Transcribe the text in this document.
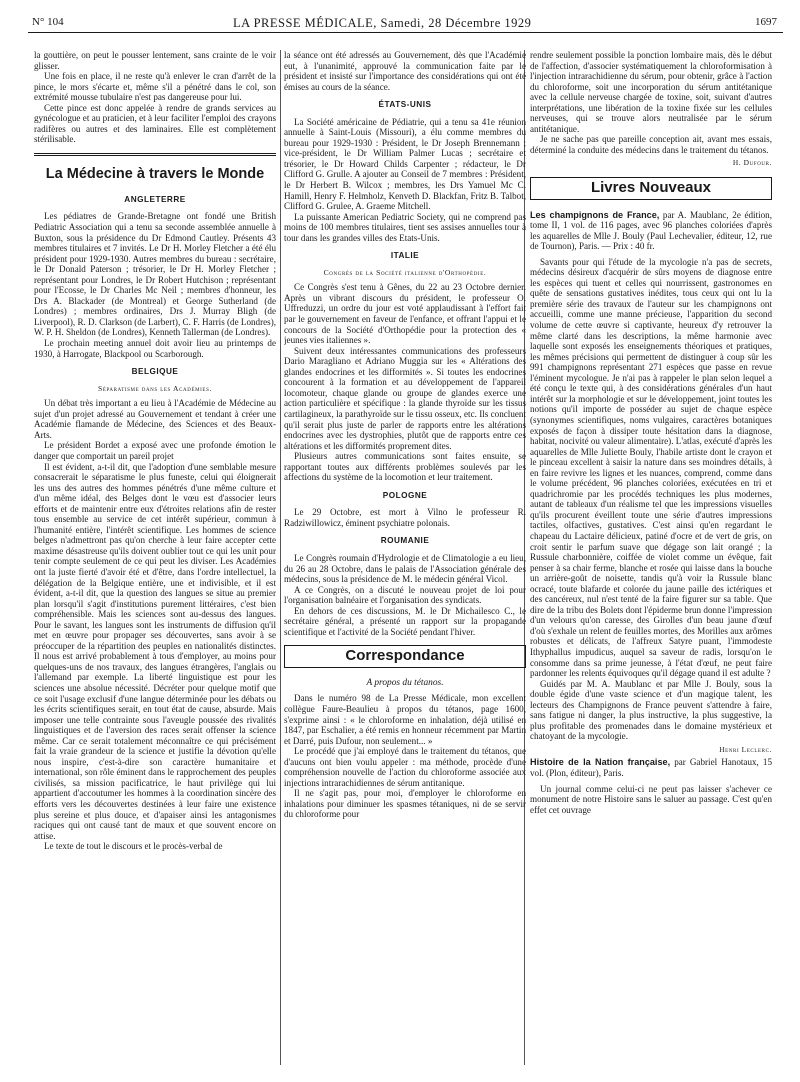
N° 104	LA PRESSE MÉDICALE, Samedi, 28 Décembre 1929	1697

la gouttière, on peut le pousser lentement, sans crainte de le voir glisser.

Une fois en place, il ne reste qu'à enlever le cran d'arrêt de la pince, le mors s'écarte et, même s'il a pénétré dans le col, son extrémité mousse tubulaire n'est pas dangereuse pour lui.

Cette pince est donc appelée à rendre de grands services au gynécologue et au praticien, et à leur faciliter l'emploi des crayons radifères ou autres et des laminaires. Elle est complètement stérilisable.

La Médecine à travers le Monde
ANGLETERRE

Les pédiatres de Grande-Bretagne ont fondé une British Pediatric Association qui a tenu sa seconde assemblée annuelle à Buxton, sous la présidence du Dr Edmond Cautley. Présents 43 membres titulaires et 7 invités. Le Dr H. Morley Fletcher a été élu président pour 1929-1930. Autres membres du bureau : secrétaire, le Dr Donald Paterson ; trésorier, le Dr H. Morley Fletcher ; représentant pour Londres, le Dr Robert Hutchison ; représentant pour l'Ecosse, le Dr Charles Mc Neil ; membres d'honneur, les Drs A. Blackader (de Montreal) et George Sutherland (de Londres) ; membres ordinaires, Drs J. Murray Bligh (de Liverpool), R. D. Clarkson (de Larbert), C. F. Harris (de Londres), W. P. H. Sheldon (de Londres), Kenneth Tallerman (de Londres).

Le prochain meeting annuel doit avoir lieu au printemps de 1930, à Harrogate, Blackpool ou Scarborough.

BELGIQUE
Séparatisme dans les Académies.

Un débat très important a eu lieu à l'Académie de Médecine au sujet d'un projet adressé au Gouvernement et tendant à créer une Académie flamande de Médecine, des Sciences et des Beaux-Arts.

Le président Bordet a exposé avec une profonde émotion le danger que comportait un pareil projet

Il est évident, a-t-il dit, que l'adoption d'une semblable mesure consacrerait le séparatisme le plus funeste, celui qui éloignerait les uns des autres des hommes pénétrés d'une même culture et d'un même idéal, des Belges dont le vœu est d'associer leurs efforts et de maintenir entre eux d'étroites relations afin de rester tous ensemble au service de cet intérêt supérieur, commun à l'humanité entière, l'intérêt scientifique. Les hommes de science belges n'admettront pas qu'on cherche à leur faire accepter cette maxime désastreuse qu'ils doivent oublier tout ce qui les unit pour tenir compte seulement de ce qui peut les diviser. Les Académies ont la juste fierté d'avoir été et d'être, dans l'ordre intellectuel, la délégation de la Belgique entière, une et indivisible, et il est évident, a-t-il dit, que la question des langues se situe au premier plan lorsqu'il s'agit d'institutions purement littéraires, c'est bien compréhensible. Mais les sciences sont au-dessus des langues. Pour le savant, les langues sont les instruments de diffusion qu'il met en œuvre pour propager ses découvertes, sans avoir à se préoccuper de la répartition des peuples en nationalités distinctes. Il nous est arrivé probablement à tous d'employer, au moins pour quelques-uns de nos travaux, des langues étrangères, l'anglais ou l'allemand par exemple. La liberté linguistique est pour les sciences une absolue nécessité. Décréter pour quelque motif que ce soit l'usage exclusif d'une langue déterminée pour les débats ou les écrits scientifiques serait, en tout état de cause, absurde. Mais imposer une telle contrainte sous l'aveugle poussée des rivalités linguistiques et de l'aversion des races serait offenser la science même. Car ce serait totalement méconnaître ce qui précisément fait la vraie grandeur de la science et justifie la dévotion qu'elle nous inspire, c'est-à-dire son caractère humanitaire et international, son rôle éminent dans le rapprochement des peuples civilisés, sa mission pacificatrice, le haut privilège qui lui appartient d'accoutumer les hommes à la coordination sincère des efforts vers les découvertes destinées à leur faire une existence plus sereine et plus douce, et d'apaiser ainsi les antagonismes raciques qui ont causé tant de maux et que souvent encore on attise.

Le texte de tout le discours et le procès-verbal de

la séance ont été adressés au Gouvernement, dès que l'Académie eut, à l'unanimité, approuvé la communication faite par le président et insisté sur l'importance des considérations qui ont été émises au cours de la séance.

ÉTATS-UNIS

La Société américaine de Pédiatrie, qui a tenu sa 41e réunion annuelle à Saint-Louis (Missouri), a élu comme membres du bureau pour 1929-1930 : Président, le Dr Joseph Brennemann ; vice-président, le Dr William Palmer Lucas ; secrétaire et trésorier, le Dr Howard Childs Carpenter ; rédacteur, le Dr Clifford G. Grulle. A ajouter au Conseil de 7 membres : Président, le Dr Herbert B. Wilcox ; membres, les Drs Yamuel Mc C. Hamill, Henry F. Helmholz, Kenveth D. Blackfan, Fritz B. Talbot, Clifford G. Grulee, A. Graeme Mitchell.

La puissante American Pediatric Society, qui ne comprend pas moins de 100 membres titulaires, tient ses assises annuelles tour à tour dans les grandes villes des Etats-Unis.

ITALIE
Congrès de la Société italienne d'Orthopédie.

Ce Congrès s'est tenu à Gênes, du 22 au 23 Octobre dernier. Après un vibrant discours du président, le professeur O. Uffreduzzi, un ordre du jour est voté applaudissant à l'effort fait par le gouvernement en faveur de l'enfance, et offrant l'appui et le concours de la Société d'Orthopédie pour la protection des « jeunes vies italiennes ».

Suivent deux intéressantes communications des professeurs Dario Maragliano et Adriano Muggia sur les « Altérations des glandes endocrines et les difformités ». Si toutes les endocrines concourent à la formation et au développement de l'appareil locomoteur, chaque glande ou groupe de glandes exerce une action particulière et spécifique : la glande thyroïde sur les tissus cartilagineux, la parathyroïde sur le tissu osseux, etc. Ils concluent qu'il serait plus juste de parler de rapports entre les altérations endocrines avec les dystrophies, plutôt que de rapports entre ces altérations et les difformités proprement dites.

Plusieurs autres communications sont faites ensuite, se rapportant toutes aux différents problèmes soulevés par les affections du système de la locomotion et leur traitement.

POLOGNE

Le 29 Octobre, est mort à Vilno le professeur R. Radziwillowicz, éminent psychiatre polonais.

ROUMANIE

Le Congrès roumain d'Hydrologie et de Climatologie a eu lieu, du 26 au 28 Octobre, dans le palais de l'Association générale des médecins, sous la présidence de M. le médecin général Vicol.

A ce Congrès, on a discuté le nouveau projet de loi pour l'organisation balnéaire et l'organisation des syndicats.

En dehors de ces discussions, M. le Dr Michailesco C., le secrétaire général, a présenté un rapport sur la propagande scientifique et l'activité de la Société pendant l'hiver.

Correspondance
A propos du tétanos.

Dans le numéro 98 de La Presse Médicale, mon excellent collègue Faure-Beaulieu à propos du tétanos, page 1600, s'exprime ainsi : « le chloroforme en inhalation, déjà utilisé en 1847, par Eschalier, a été remis en honneur récemment par Martin et Darré, puis Dufour, non seulement... »

Le procédé que j'ai employé dans le traitement du tétanos, que d'aucuns ont bien voulu appeler : ma méthode, procède d'une compréhension nouvelle de l'action du chloroforme associée aux injections intrarachidiennes de sérum antitanique.

Il ne s'agit pas, pour moi, d'employer le chloroforme en inhalations pour diminuer les spasmes tétaniques, ni de se servir du chloroforme pour

rendre seulement possible la ponction lombaire mais, dès le début de l'affection, d'associer systématiquement la chloroformisation à l'injection intrarachidienne du sérum, pour obtenir, grâce à l'action du chloroforme, soit une incorporation du sérum antitétanique avec la cellule nerveuse chargée de toxine, soit, suivant d'autres interprétations, une libération de la toxine fixée sur les cellules nerveuses, qui se trouve alors neutralisée par le sérum antitétanique.

Je ne sache pas que pareille conception ait, avant mes essais, déterminé la conduite des médecins dans le traitement du tétanos.

H. Dufour.
Livres Nouveaux

Les champignons de France, par A. Maublanc, 2e édition, tome II, 1 vol. de 116 pages, avec 96 planches coloriées d'après les aquarelles de Mlle J. Bouly (Paul Lechevalier, éditeur, 12, rue de Tournon), Paris. — Prix : 40 fr.

Savants pour qui l'étude de la mycologie n'a pas de secrets, médecins désireux d'acquérir de sûrs moyens de diagnose entre les espèces qui tuent et celles qui nourrissent, gastronomes en quête de sensations gustatives inédites, tous ceux qui ont lu la première série des travaux de l'auteur sur les champignons ont accueilli, comme une manne précieuse, l'apparition du second volume de cette œuvre si captivante, heureux d'y retrouver la même clarté dans les descriptions, la même harmonie avec laquelle sont exposés les enseignements théoriques et pratiques, les mêmes précisions qui permettent de distinguer à coup sûr les 991 champignons représentant 271 espèces que passe en revue l'éminent mycologue. Je n'ai pas à rappeler le plan selon lequel a été conçu le texte qui, à des considérations générales d'un haut intérêt sur la morphologie et sur le développement, joint toutes les notions qu'il importe de posséder au sujet de chaque espèce (synonymes scientifiques, noms vulgaires, caractères botaniques exposés de façon à dissiper toute hésitation dans la diagnose, habitat, nocivité ou valeur alimentaire). L'atlas, exécuté d'après les aquarelles de Mlle Juliette Bouly, l'habile artiste dont le crayon et le pinceau excellent à saisir la nature dans ses moindres détails, à en faire revivre les lignes et les nuances, comprend, comme dans le volume précédent, 96 planches coloriées, exécutées en tri et quadrichromie par les procédés techniques les plus modernes, autant de tableaux d'un réalisme tel que les impressions visuelles qu'ils procurent éveillent toute une série d'autres impressions tactiles, olfactives, gustatives. C'est ainsi qu'en regardant le chapeau du Lactaire délicieux, patiné d'ocre et de vert de gris, on croit sentir le parfum suave que dégage son lait orangé ; la Russule charbonnière, coiffée de violet comme un évêque, fait penser à sa chair ferme, blanche et rosée qui laisse dans la bouche un arrière-goût de noisette, tandis qu'à voir la Russule blanc ocracé, toute blafarde et colorée du jaune paille des ictériques et des cancéreux, nul n'est tenté de la faire figurer sur sa table. Que dire de la tribu des Bolets dont l'épiderme brun donne l'impression d'un velours qu'on caresse, des Girolles d'un beau jaune d'œuf d'où s'exhale un relent de feuilles mortes, des Morilles aux arômes robustes et délicats, de l'affreux Satyre puant, l'immodeste Ithyphallus impudicus, auquel sa saveur de radis, lorsqu'on le consomme dans sa prime jeunesse, à l'état d'œuf, ne peut faire pardonner les relents équivoques qu'il dégage quand il est adulte ?

Guidés par M. A. Maublanc et par Mlle J. Bouly, sous la double égide d'une vaste science et d'un magique talent, les lecteurs des Champignons de France peuvent s'attendre à faire, sans fatigue ni danger, la plus instructive, la plus suggestive, la plus profitable des promenades dans le domaine mystérieux et chatoyant de la mycologie.

Henri Leclerc.

Histoire de la Nation française, par Gabriel Hanotaux, 15 vol. (Plon, éditeur), Paris.

Un journal comme celui-ci ne peut pas laisser s'achever ce monument de notre Histoire sans le saluer au passage. C'est qu'en effet cet ouvrage
